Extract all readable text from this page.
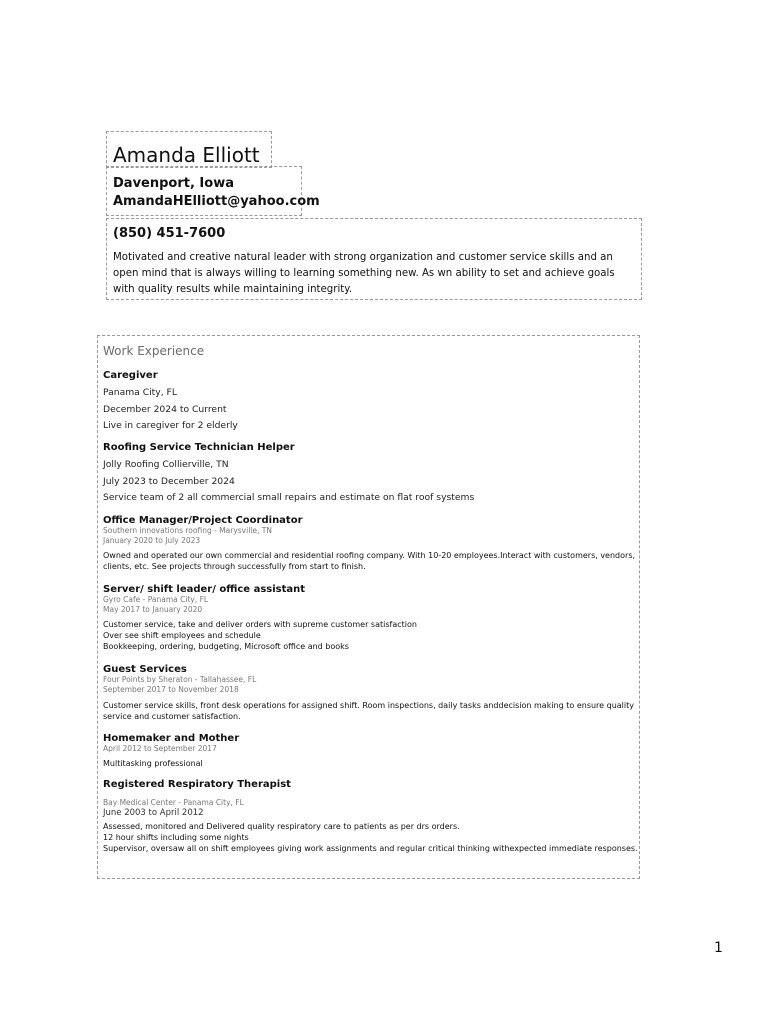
Amanda Elliott
Davenport, Iowa
AmandaHElliott@yahoo.com
(850) 451-7600
Motivated and creative natural leader with strong organization and customer service skills and an open mind that is always willing to learning something new. As wn ability to set and achieve goals with quality results while maintaining integrity.
Work Experience
Caregiver
Panama City, FL
December 2024 to Current
Live in caregiver for 2 elderly
Roofing Service Technician Helper
Jolly Roofing Collierville, TN
July 2023 to December 2024
Service team of 2 all commercial small repairs and estimate on flat roof systems
Office Manager/Project Coordinator
Southern innovations roofing - Marysville, TN
January 2020 to July 2023
Owned and operated our own commercial and residential roofing company. With 10-20 employees.Interact with customers, vendors, clients, etc. See projects through successfully from start to finish.
Server/ shift leader/ office assistant
Gyro Cafe - Panama City, FL
May 2017 to January 2020
Customer service, take and deliver orders with supreme customer satisfaction
Over see shift employees and schedule
Bookkeeping, ordering, budgeting, Microsoft office and books
Guest Services
Four Points by Sheraton - Tallahassee, FL
September 2017 to November 2018
Customer service skills, front desk operations for assigned shift. Room inspections, daily tasks anddecision making to ensure quality service and customer satisfaction.
Homemaker and Mother
April 2012 to September 2017
Multitasking professional
Registered Respiratory Therapist
Bay Medical Center - Panama City, FL
June 2003 to April 2012
Assessed, monitored and Delivered quality respiratory care to patients as per drs orders.
12 hour shifts including some nights
Supervisor, oversaw all on shift employees giving work assignments and regular critical thinking withexpected immediate responses.
1
